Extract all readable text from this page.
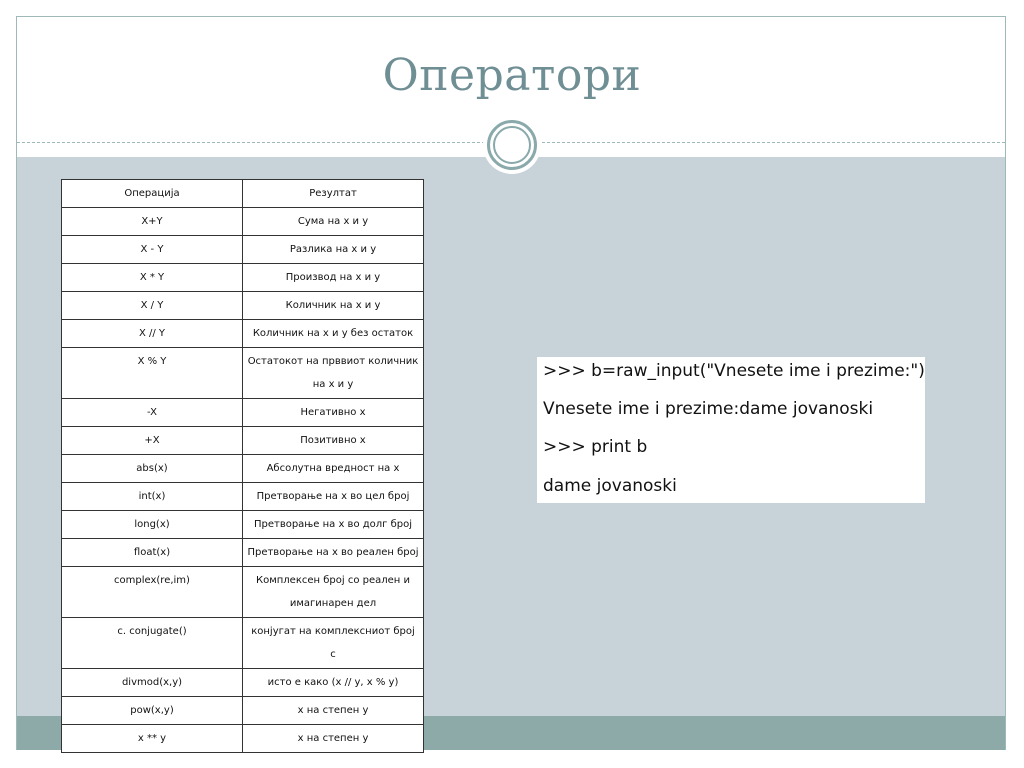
Оператори
Операција	Резултат
X+Y	Сума на x и y
X - Y	Разлика на x и y
X * Y	Производ на x и y
X / Y	Количник на x и y
X // Y	Количник на x и y без остаток
X % Y	Остатокот на прввиот количник на x и y
-X	Негативно x
+X	Позитивно x
abs(x)	Абсолутна вредност на x
int(x)	Претворање на x во цел број
long(x)	Претворање на x во долг број
float(x)	Претворање на x во реален број
complex(re,im)	Комплексен број со реален и имагинарен дел
c. conjugate()	конјугат на комплексниот број c
divmod(x,y)	исто е како (x // y, x % y)
pow(x,y)	x на степен y
x ** y	x на степен y
>>> b=raw_input("Vnesete ime i prezime:")
Vnesete ime i prezime:dame jovanoski
>>> print b
dame jovanoski
